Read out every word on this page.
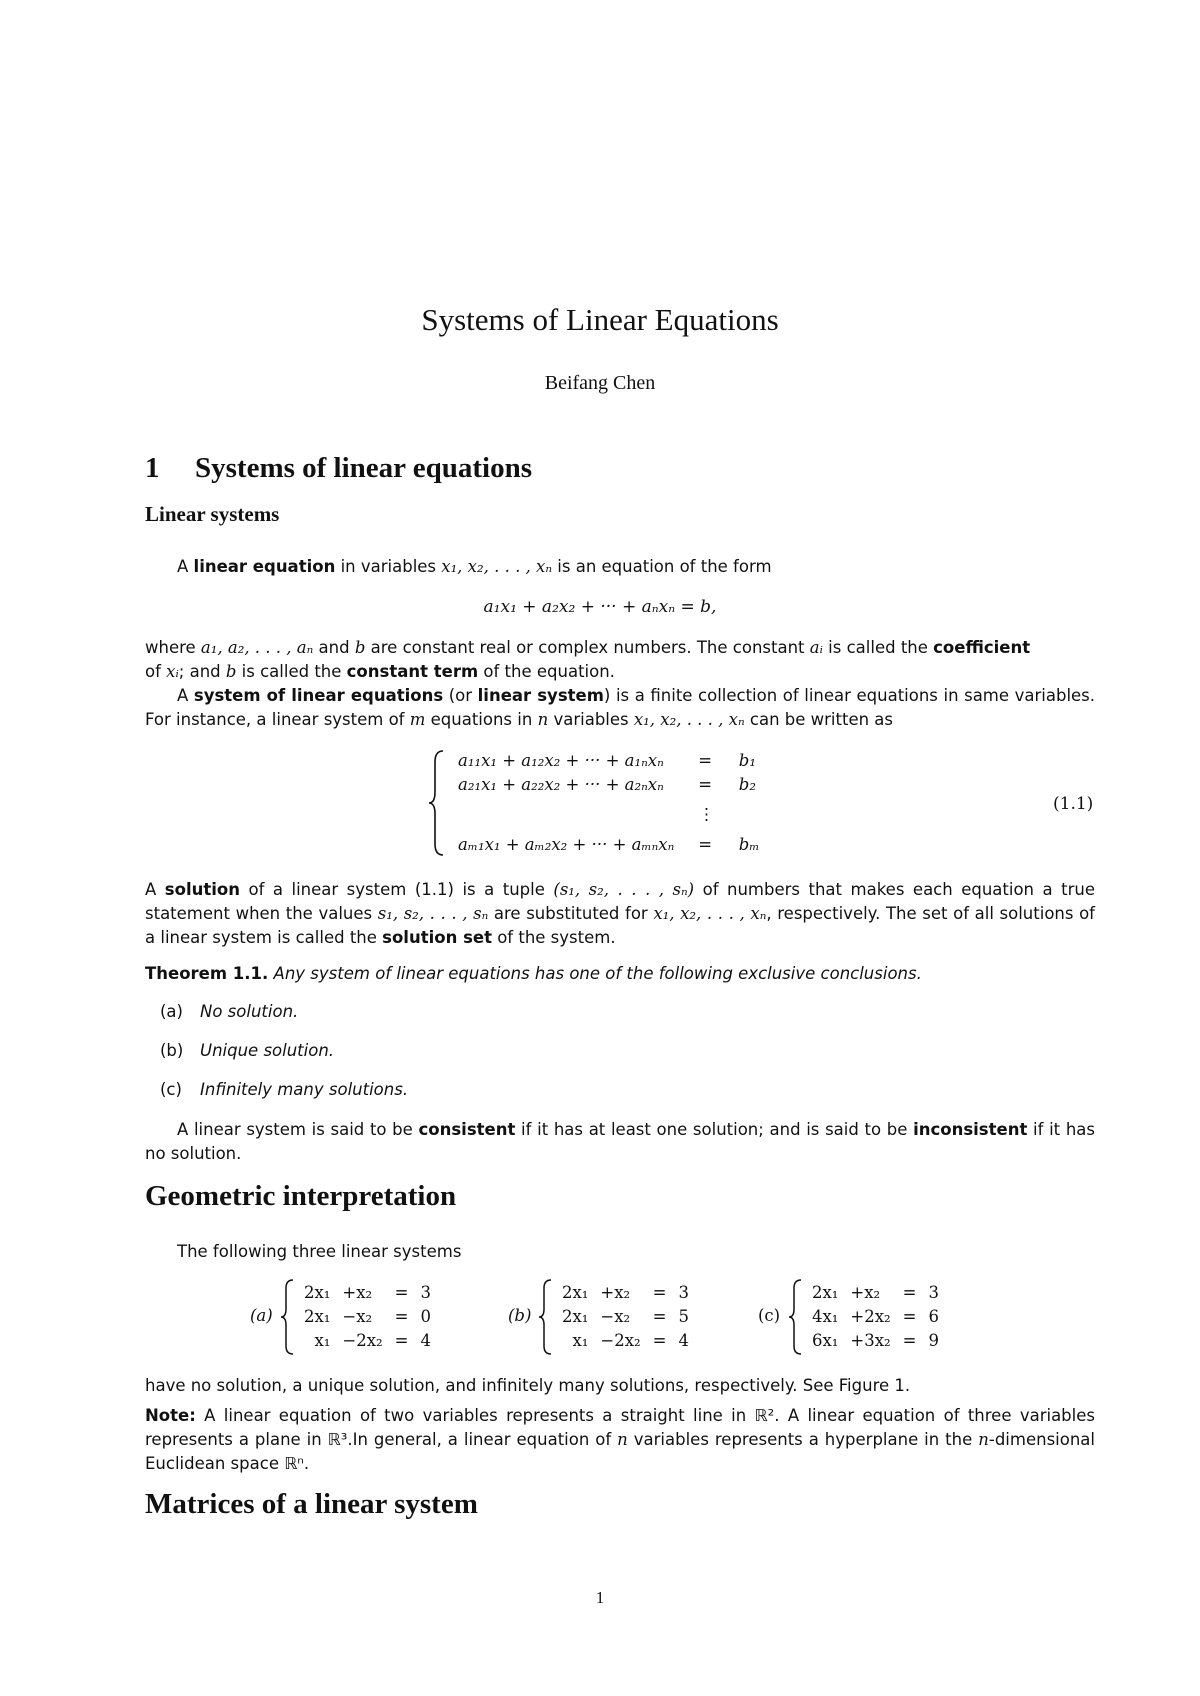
Systems of Linear Equations
Beifang Chen
1 Systems of linear equations
Linear systems
A linear equation in variables x₁, x₂, . . . , xₙ is an equation of the form
a₁x₁ + a₂x₂ + ··· + aₙxₙ = b,
where a₁, a₂, . . . , aₙ and b are constant real or complex numbers. The constant aᵢ is called the coefficient
of xᵢ; and b is called the constant term of the equation.
A system of linear equations (or linear system) is a finite collection of linear equations in same variables. For instance, a linear system of m equations in n variables x₁, x₂, . . . , xₙ can be written as
a₁₁x₁ + a₁₂x₂ + ··· + a₁ₙxₙ	=	b₁
a₂₁x₁ + a₂₂x₂ + ··· + a₂ₙxₙ	=	b₂
	⋮	
aₘ₁x₁ + aₘ₂x₂ + ··· + aₘₙxₙ	=	bₘ
(1.1)
A solution of a linear system (1.1) is a tuple (s₁, s₂, . . . , sₙ) of numbers that makes each equation a true statement when the values s₁, s₂, . . . , sₙ are substituted for x₁, x₂, . . . , xₙ, respectively. The set of all solutions of a linear system is called the solution set of the system.
Theorem 1.1. Any system of linear equations has one of the following exclusive conclusions.
(a) No solution.
(b) Unique solution.
(c) Infinitely many solutions.
A linear system is said to be consistent if it has at least one solution; and is said to be inconsistent if it has no solution.
Geometric interpretation
The following three linear systems
(a)
2x₁	+x₂	=	3
2x₁	−x₂	=	0
x₁	−2x₂	=	4
(b)
2x₁	+x₂	=	3
2x₁	−x₂	=	5
x₁	−2x₂	=	4
(c)
2x₁	+x₂	=	3
4x₁	+2x₂	=	6
6x₁	+3x₂	=	9
have no solution, a unique solution, and infinitely many solutions, respectively. See Figure 1.
Note: A linear equation of two variables represents a straight line in ℝ². A linear equation of three variables represents a plane in ℝ³.In general, a linear equation of n variables represents a hyperplane in the n-dimensional Euclidean space ℝⁿ.
Matrices of a linear system
1
